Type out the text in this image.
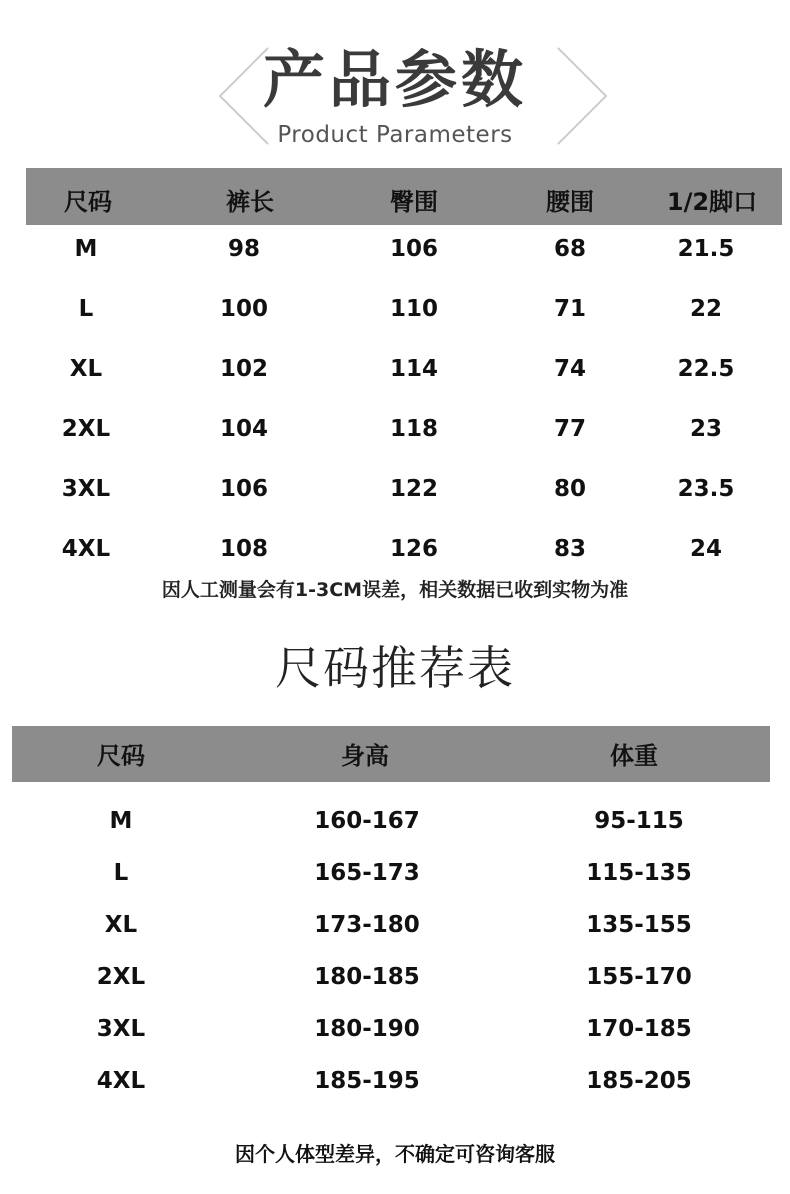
产品参数
Product Parameters
尺码	裤长	臀围	腰围	1/2脚口
M	98	106	68	21.5
L	100	110	71	22
XL	102	114	74	22.5
2XL	104	118	77	23
3XL	106	122	80	23.5
4XL	108	126	83	24
因人工测量会有1-3CM误差，相关数据已收到实物为准
尺码推荐表
尺码	身高	体重
M	160-167	95-115
L	165-173	115-135
XL	173-180	135-155
2XL	180-185	155-170
3XL	180-190	170-185
4XL	185-195	185-205
因个人体型差异，不确定可咨询客服
